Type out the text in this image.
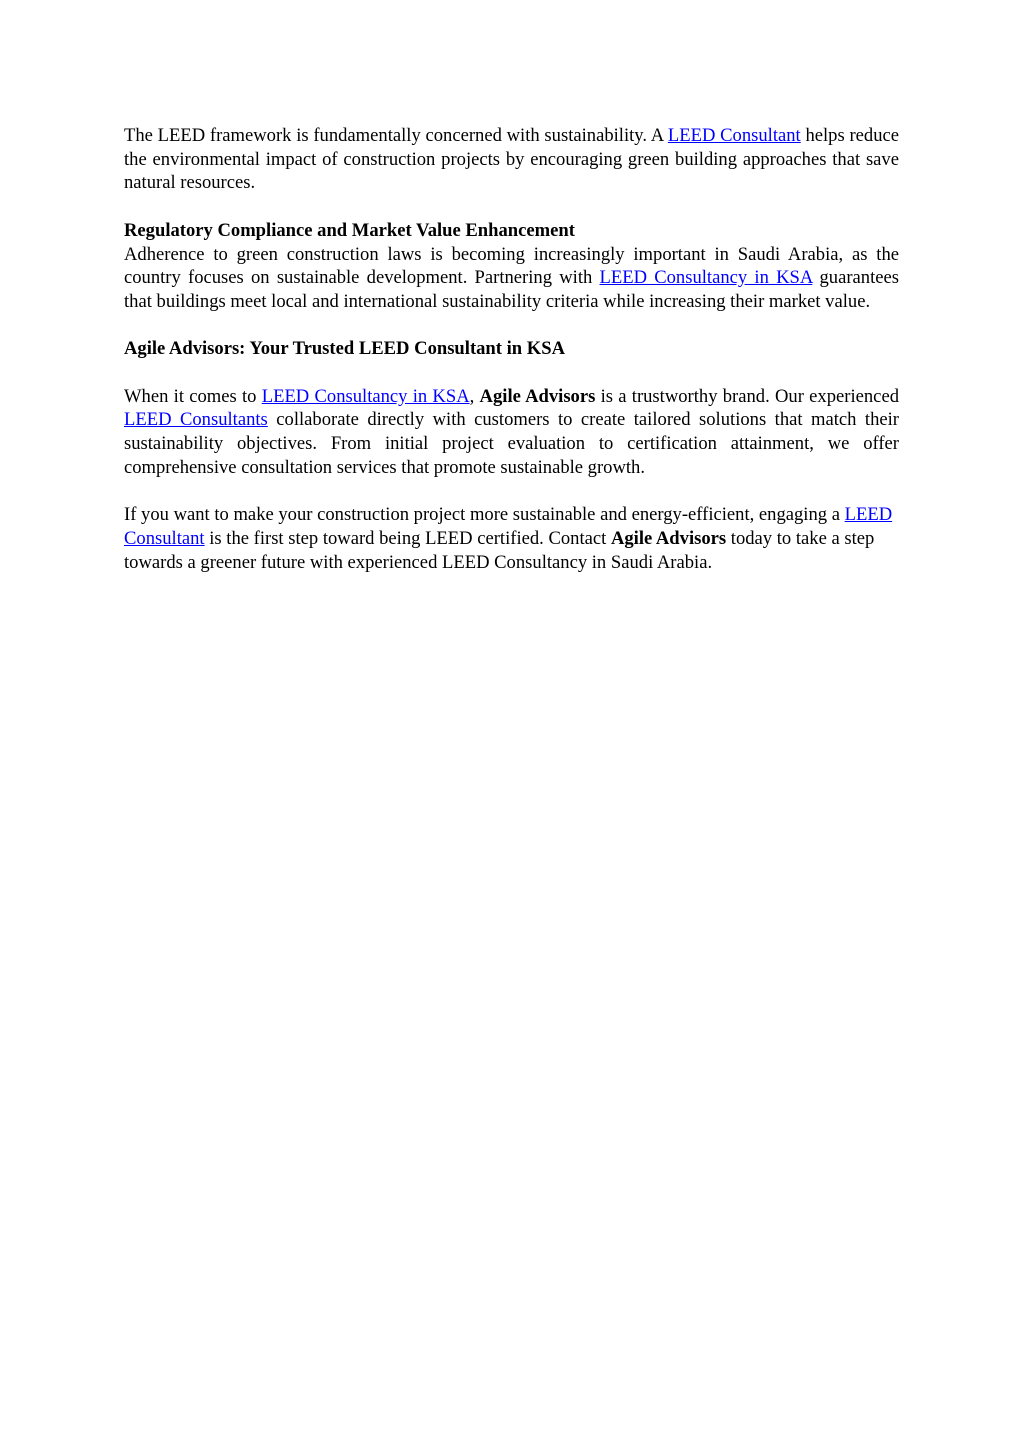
The LEED framework is fundamentally concerned with sustainability. A LEED Consultant helps reduce the environmental impact of construction projects by encouraging green building approaches that save natural resources.

Regulatory Compliance and Market Value Enhancement

Adherence to green construction laws is becoming increasingly important in Saudi Arabia, as the country focuses on sustainable development. Partnering with LEED Consultancy in KSA guarantees that buildings meet local and international sustainability criteria while increasing their market value.

Agile Advisors: Your Trusted LEED Consultant in KSA

When it comes to LEED Consultancy in KSA, Agile Advisors is a trustworthy brand. Our experienced LEED Consultants collaborate directly with customers to create tailored solutions that match their sustainability objectives. From initial project evaluation to certification attainment, we offer comprehensive consultation services that promote sustainable growth.

If you want to make your construction project more sustainable and energy-efficient, engaging a LEED Consultant is the first step toward being LEED certified. Contact Agile Advisors today to take a step towards a greener future with experienced LEED Consultancy in Saudi Arabia.
